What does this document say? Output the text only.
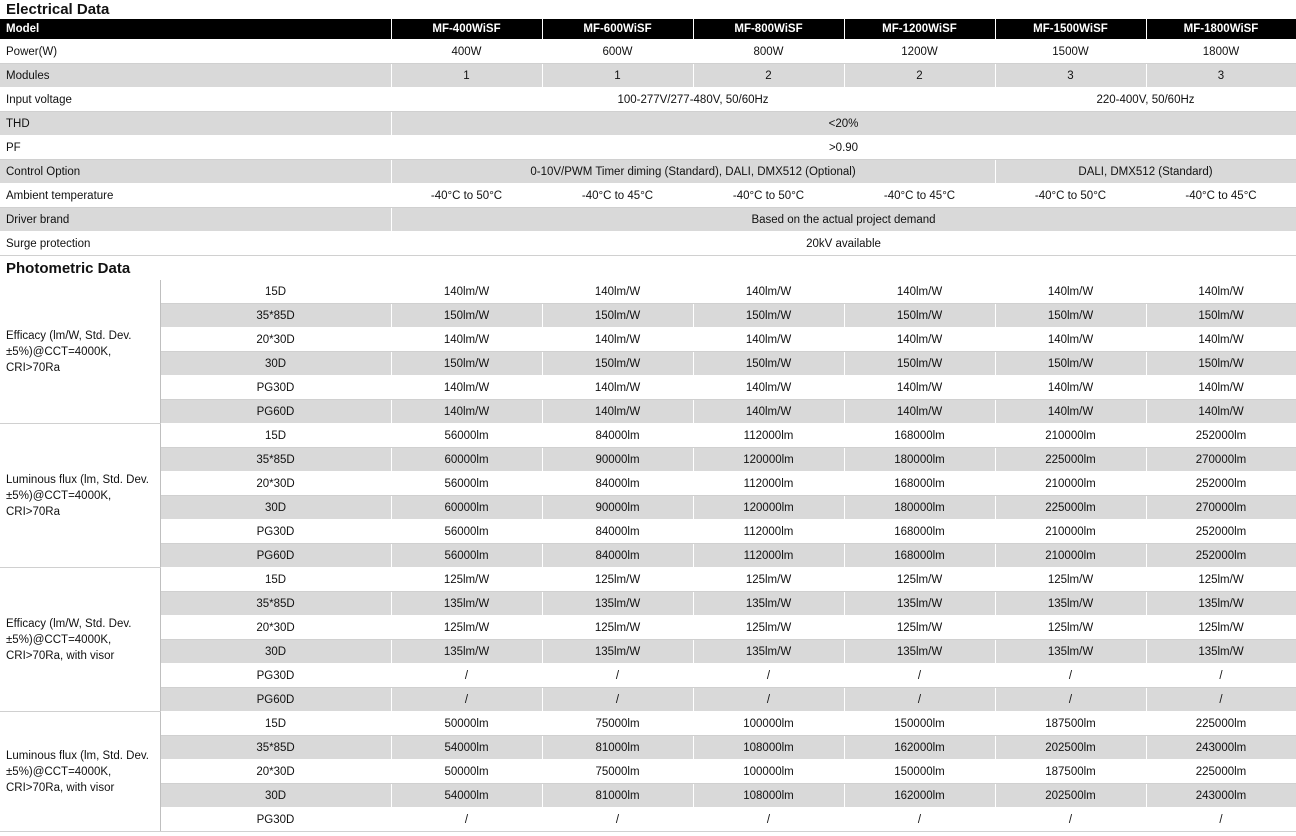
Electrical Data							
Model		MF-400WiSF	MF-600WiSF	MF-800WiSF	MF-1200WiSF	MF-1500WiSF	MF-1800WiSF
Power(W)		400W	600W	800W	1200W	1500W	1800W
Modules		1	1	2	2	3	3
Input voltage		100-277V/277-480V, 50/60Hz				220-400V, 50/60Hz	
THD		<20%					
PF		>0.90					
Control Option		0-10V/PWM Timer diming (Standard), DALI, DMX512 (Optional)				DALI, DMX512 (Standard)	
Ambient temperature		-40°C to 50°C	-40°C to 45°C	-40°C to 50°C	-40°C to 45°C	-40°C to 50°C	-40°C to 45°C
Driver brand		Based on the actual project demand					
Surge protection		20kV available					
Photometric Data							
Efficacy (lm/W, Std. Dev. ±5%)@CCT=4000K, CRI>70Ra	15D	140lm/W	140lm/W	140lm/W	140lm/W	140lm/W	140lm/W
	35*85D	150lm/W	150lm/W	150lm/W	150lm/W	150lm/W	150lm/W
	20*30D	140lm/W	140lm/W	140lm/W	140lm/W	140lm/W	140lm/W
	30D	150lm/W	150lm/W	150lm/W	150lm/W	150lm/W	150lm/W
	PG30D	140lm/W	140lm/W	140lm/W	140lm/W	140lm/W	140lm/W
	PG60D	140lm/W	140lm/W	140lm/W	140lm/W	140lm/W	140lm/W
Luminous flux (lm, Std. Dev. ±5%)@CCT=4000K, CRI>70Ra	15D	56000lm	84000lm	112000lm	168000lm	210000lm	252000lm
	35*85D	60000lm	90000lm	120000lm	180000lm	225000lm	270000lm
	20*30D	56000lm	84000lm	112000lm	168000lm	210000lm	252000lm
	30D	60000lm	90000lm	120000lm	180000lm	225000lm	270000lm
	PG30D	56000lm	84000lm	112000lm	168000lm	210000lm	252000lm
	PG60D	56000lm	84000lm	112000lm	168000lm	210000lm	252000lm
Efficacy (lm/W, Std. Dev. ±5%)@CCT=4000K, CRI>70Ra, with visor	15D	125lm/W	125lm/W	125lm/W	125lm/W	125lm/W	125lm/W
	35*85D	135lm/W	135lm/W	135lm/W	135lm/W	135lm/W	135lm/W
	20*30D	125lm/W	125lm/W	125lm/W	125lm/W	125lm/W	125lm/W
	30D	135lm/W	135lm/W	135lm/W	135lm/W	135lm/W	135lm/W
	PG30D	/	/	/	/	/	/
	PG60D	/	/	/	/	/	/
Luminous flux (lm, Std. Dev. ±5%)@CCT=4000K, CRI>70Ra, with visor	15D	50000lm	75000lm	100000lm	150000lm	187500lm	225000lm
	35*85D	54000lm	81000lm	108000lm	162000lm	202500lm	243000lm
	20*30D	50000lm	75000lm	100000lm	150000lm	187500lm	225000lm
	30D	54000lm	81000lm	108000lm	162000lm	202500lm	243000lm
	PG30D	/	/	/	/	/	/
